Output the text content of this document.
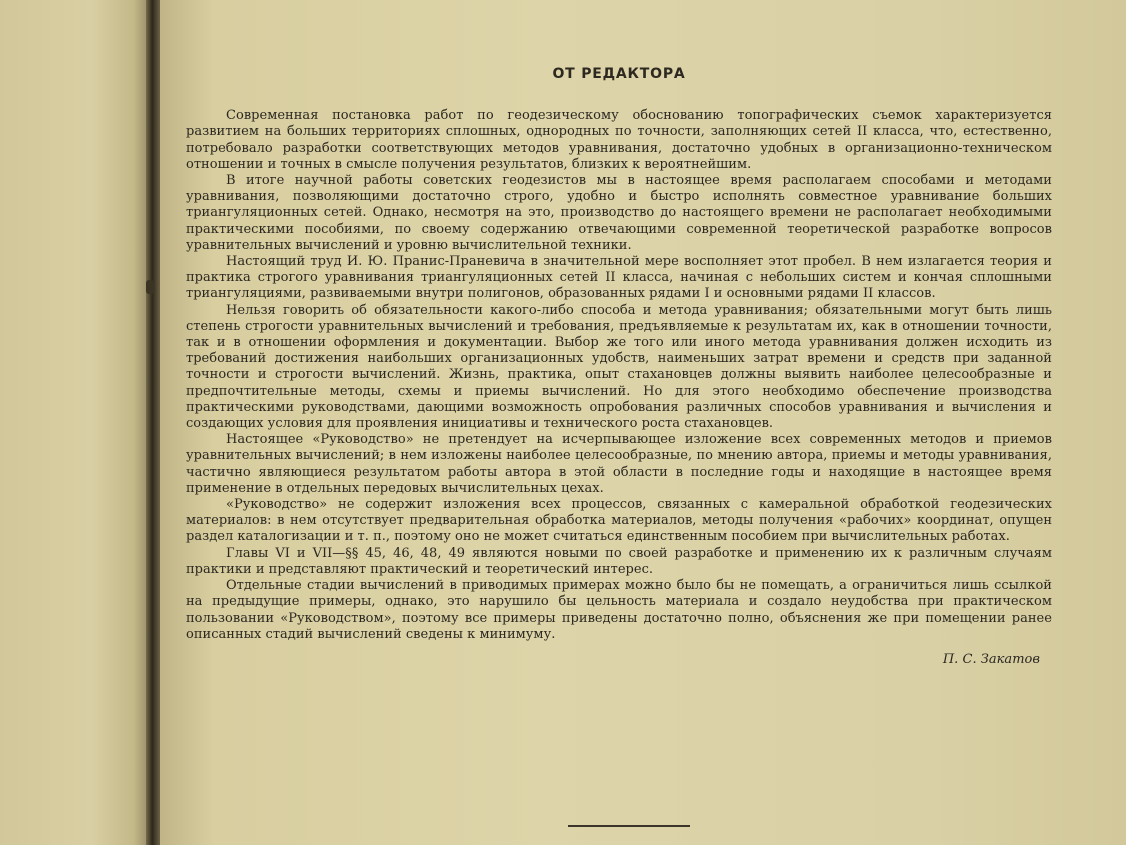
ОТ РЕДАКТОРА

Современная постановка работ по геодезическому обоснованию топографических съемок характеризуется развитием на больших территориях сплошных, однородных по точности, заполняющих сетей II класса, что, естественно, потребовало разработки соответствующих методов уравнивания, достаточно удобных в организационно-техническом отношении и точных в смысле получения результатов, близких к вероятнейшим.

В итоге научной работы советских геодезистов мы в настоящее время располагаем способами и методами уравнивания, позволяющими достаточно строго, удобно и быстро исполнять совместное уравнивание больших триангуляционных сетей. Однако, несмотря на это, производство до настоящего времени не располагает необходимыми практическими пособиями, по своему содержанию отвечающими современной теоретической разработке вопросов уравнительных вычислений и уровню вычислительной техники.

Настоящий труд И. Ю. Пранис-Праневича в значительной мере восполняет этот пробел. В нем излагается теория и практика строгого уравнивания триангуляционных сетей II класса, начиная с небольших систем и кончая сплошными триангуляциями, развиваемыми внутри полигонов, образованных рядами I и основными рядами II классов.

Нельзя говорить об обязательности какого-либо способа и метода уравнивания; обязательными могут быть лишь степень строгости уравнительных вычислений и требования, предъявляемые к результатам их, как в отношении точности, так и в отношении оформления и документации. Выбор же того или иного метода уравнивания должен исходить из требований достижения наибольших организационных удобств, наименьших затрат времени и средств при заданной точности и строгости вычислений. Жизнь, практика, опыт стахановцев должны выявить наиболее целесообразные и предпочтительные методы, схемы и приемы вычислений. Но для этого необходимо обеспечение производства практическими руководствами, дающими возможность опробования различных способов уравнивания и вычисления и создающих условия для проявления инициативы и технического роста стахановцев.

Настоящее «Руководство» не претендует на исчерпывающее изложение всех современных методов и приемов уравнительных вычислений; в нем изложены наиболее целесообразные, по мнению автора, приемы и методы уравнивания, частично являющиеся результатом работы автора в этой области в последние годы и находящие в настоящее время применение в отдельных передовых вычислительных цехах.

«Руководство» не содержит изложения всех процессов, связанных с камеральной обработкой геодезических материалов: в нем отсутствует предварительная обработка материалов, методы получения «рабочих» координат, опущен раздел каталогизации и т. п., поэтому оно не может считаться единственным пособием при вычислительных работах.

Главы VI и VII—§§ 45, 46, 48, 49 являются новыми по своей разработке и применению их к различным случаям практики и представляют практический и теоретический интерес.

Отдельные стадии вычислений в приводимых примерах можно было бы не помещать, а ограничиться лишь ссылкой на предыдущие примеры, однако, это нарушило бы цельность материала и создало неудобства при практическом пользовании «Руководством», поэтому все примеры приведены достаточно полно, объяснения же при помещении ранее описанных стадий вычислений сведены к минимуму.

П. С. Закатов
